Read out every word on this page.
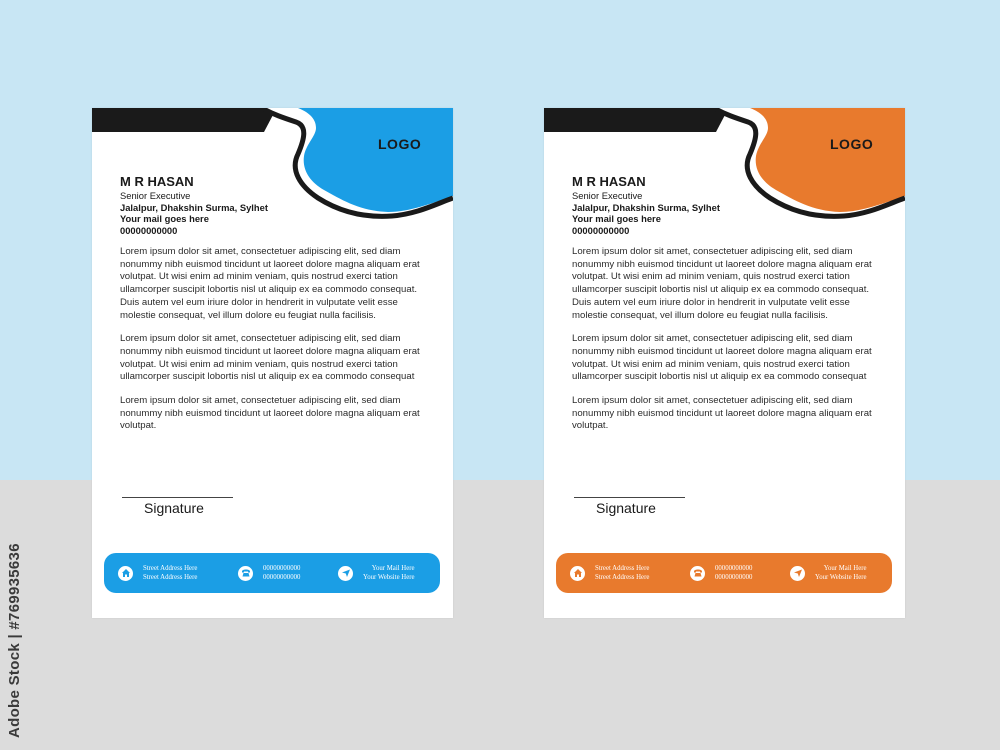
LOGO
M R HASAN
Senior Executive
Jalalpur, Dhakshin Surma, Sylhet
Your mail goes here
00000000000

Lorem ipsum dolor sit amet, consectetuer adipiscing elit, sed diam nonummy nibh euismod tincidunt ut laoreet dolore magna aliquam erat volutpat. Ut wisi enim ad minim veniam, quis nostrud exerci tation ullamcorper suscipit lobortis nisl ut aliquip ex ea commodo consequat. Duis autem vel eum iriure dolor in hendrerit in vulputate velit esse molestie consequat, vel illum dolore eu feugiat nulla facilisis.

Lorem ipsum dolor sit amet, consectetuer adipiscing elit, sed diam nonummy nibh euismod tincidunt ut laoreet dolore magna aliquam erat volutpat. Ut wisi enim ad minim veniam, quis nostrud exerci tation ullamcorper suscipit lobortis nisl ut aliquip ex ea commodo consequat

Lorem ipsum dolor sit amet, consectetuer adipiscing elit, sed diam nonummy nibh euismod tincidunt ut laoreet dolore magna aliquam erat volutpat.

Signature
Street Address Here
Street Address Here
00000000000
00000000000
Your Mail Here
Your Website Here
LOGO
M R HASAN
Senior Executive
Jalalpur, Dhakshin Surma, Sylhet
Your mail goes here
00000000000

Lorem ipsum dolor sit amet, consectetuer adipiscing elit, sed diam nonummy nibh euismod tincidunt ut laoreet dolore magna aliquam erat volutpat. Ut wisi enim ad minim veniam, quis nostrud exerci tation ullamcorper suscipit lobortis nisl ut aliquip ex ea commodo consequat. Duis autem vel eum iriure dolor in hendrerit in vulputate velit esse molestie consequat, vel illum dolore eu feugiat nulla facilisis.

Lorem ipsum dolor sit amet, consectetuer adipiscing elit, sed diam nonummy nibh euismod tincidunt ut laoreet dolore magna aliquam erat volutpat. Ut wisi enim ad minim veniam, quis nostrud exerci tation ullamcorper suscipit lobortis nisl ut aliquip ex ea commodo consequat

Lorem ipsum dolor sit amet, consectetuer adipiscing elit, sed diam nonummy nibh euismod tincidunt ut laoreet dolore magna aliquam erat volutpat.

Signature
Street Address Here
Street Address Here
00000000000
00000000000
Your Mail Here
Your Website Here
Adobe Stock | #769935636
